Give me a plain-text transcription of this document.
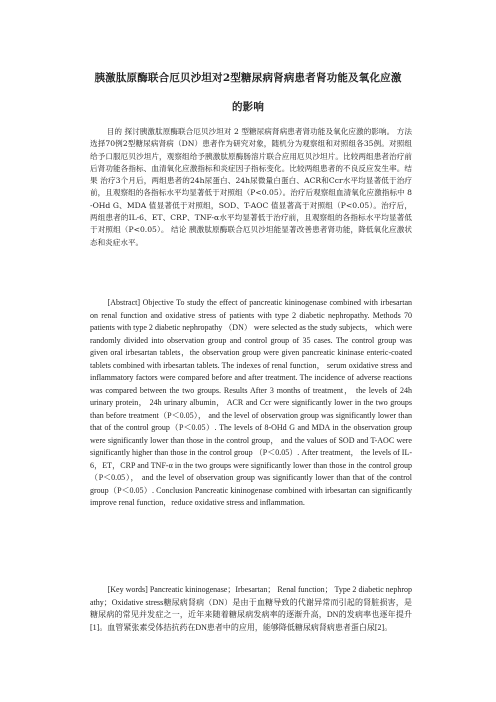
胰激肽原酶联合厄贝沙坦对2型糖尿病肾病患者肾功能及氧化应激
的影响
目的 探讨胰激肽原酶联合厄贝沙坦对 2 型糖尿病肾病患者肾功能及氧化应激的影响。 方法 选择70例2型糖尿病肾病（DN）患者作为研究对象，随机分为观察组和对照组各35例。对照组给予口服厄贝沙坦片，观察组给予胰激肽原酶肠溶片联合应用厄贝沙坦片。比较两组患者治疗前后肾功能各指标、血清氧化应激指标和炎症因子指标变化。比较两组患者的不良反应发生率。结果 治疗3个月后，两组患者的24h尿蛋白、24h尿微量白蛋白、ACR和Ccr水平均显著低于治疗前，且观察组的各指标水平均显著低于对照组（P<0.05）。治疗后观察组血清氧化应激指标中 8-OHd G、MDA 值显著低于对照组，SOD、T-AOC 值显著高于对照组（P<0.05）。治疗后，两组患者的IL-6、ET、CRP、TNF-α水平均显著低于治疗前，且观察组的各指标水平均显著低于对照组（P<0.05）。 结论 胰激肽原酶联合厄贝沙坦能显著改善患者肾功能，降低氧化应激状态和炎症水平。
[Abstract] Objective To study the effect of pancreatic kininogenase combined with irbesartan on renal function and oxidative stress of patients with type 2 diabetic nephropathy. Methods 70 patients with type 2 diabetic nephropathy （DN） were selected as the study subjects， which were randomly divided into observation group and control group of 35 cases. The control group was given oral irbesartan tablets，the observation group were given pancreatic kininase enteric-coated tablets combined with irbesartan tablets. The indexes of renal function， serum oxidative stress and inflammatory factors were compared before and after treatment. The incidence of adverse reactions was compared between the two groups. Results After 3 months of treatment， the levels of 24h urinary protein， 24h urinary albumin， ACR and Ccr were significantly lower in the two groups than before treatment（P＜0.05）， and the level of observation group was significantly lower than that of the control group（P＜0.05）. The levels of 8-OHd G and MDA in the observation group were significantly lower than those in the control group， and the values of SOD and T-AOC were significantly higher than those in the control group （P＜0.05）. After treatment， the levels of IL-6，ET，CRP and TNF-α in the two groups were significantly lower than those in the control group（P＜0.05）， and the level of observation group was significantly lower than that of the control group（P＜0.05）. Conclusion Pancreatic kininogenase combined with irbesartan can significantly improve renal function，reduce oxidative stress and inflammation.
[Key words] Pancreatic kininogenase；Irbesartan； Renal function； Type 2 diabetic nephropathy；Oxidative stress糖尿病肾病（DN）是由于血糖导致的代谢异常而引起的肾脏损害，是糖尿病的常见并发症之一，近年来随着糖尿病发病率的逐渐升高，DN的发病率也逐年提升[1]。血管紧张素受体拮抗药在DN患者中的应用，能够降低糖尿病肾病患者蛋白尿[2]。
